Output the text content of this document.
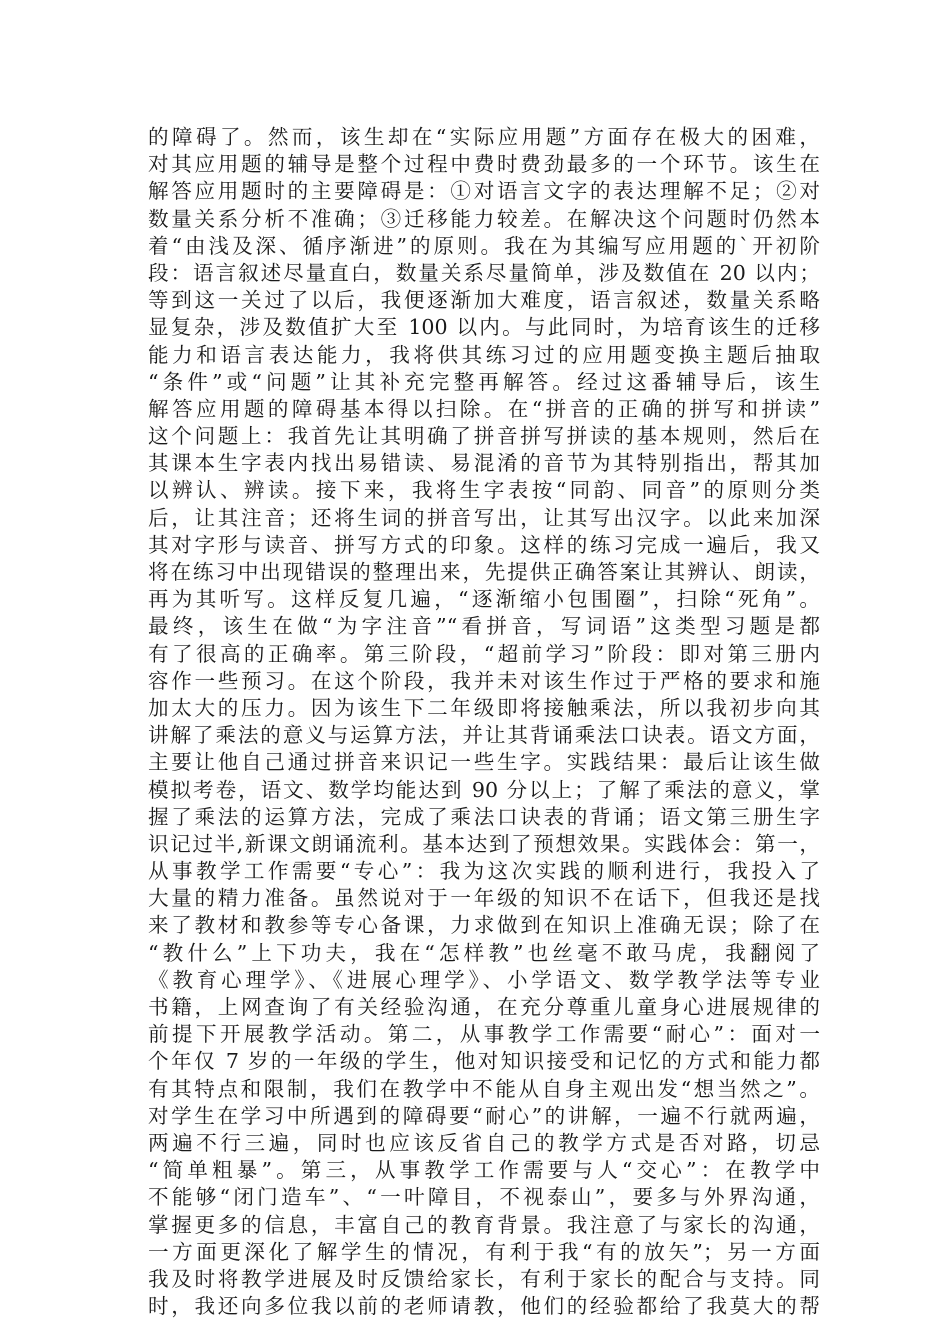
的障碍了。然而，该生却在“实际应用题”方面存在极大的困难，
对其应用题的辅导是整个过程中费时费劲最多的一个环节。该生在
解答应用题时的主要障碍是：①对语言文字的表达理解不足；②对
数量关系分析不准确；③迁移能力较差。在解决这个问题时仍然本
着“由浅及深、循序渐进”的原则。我在为其编写应用题的`开初阶
段：语言叙述尽量直白，数量关系尽量简单，涉及数值在 20 以内；
等到这一关过了以后，我便逐渐加大难度，语言叙述，数量关系略
显复杂，涉及数值扩大至 100 以内。与此同时，为培育该生的迁移
能力和语言表达能力，我将供其练习过的应用题变换主题后抽取
“条件”或“问题”让其补充完整再解答。经过这番辅导后，该生
解答应用题的障碍基本得以扫除。在“拼音的正确的拼写和拼读”
这个问题上：我首先让其明确了拼音拼写拼读的基本规则，然后在
其课本生字表内找出易错读、易混淆的音节为其特别指出，帮其加
以辨认、辨读。接下来，我将生字表按“同韵、同音”的原则分类
后，让其注音；还将生词的拼音写出，让其写出汉字。以此来加深
其对字形与读音、拼写方式的印象。这样的练习完成一遍后，我又
将在练习中出现错误的整理出来，先提供正确答案让其辨认、朗读，
再为其听写。这样反复几遍，“逐渐缩小包围圈”，扫除“死角”。
最终，该生在做“为字注音”“看拼音，写词语”这类型习题是都
有了很高的正确率。第三阶段，“超前学习”阶段：即对第三册内
容作一些预习。在这个阶段，我并未对该生作过于严格的要求和施
加太大的压力。因为该生下二年级即将接触乘法，所以我初步向其
讲解了乘法的意义与运算方法，并让其背诵乘法口诀表。语文方面，
主要让他自己通过拼音来识记一些生字。实践结果：最后让该生做
模拟考卷，语文、数学均能达到 90 分以上；了解了乘法的意义，掌
握了乘法的运算方法，完成了乘法口诀表的背诵；语文第三册生字
识记过半,新课文朗诵流利。基本达到了预想效果。实践体会：第一，
从事教学工作需要“专心”：我为这次实践的顺利进行，我投入了
大量的精力准备。虽然说对于一年级的知识不在话下，但我还是找
来了教材和教参等专心备课，力求做到在知识上准确无误；除了在
“教什么”上下功夫，我在“怎样教”也丝毫不敢马虎，我翻阅了
《教育心理学》、《进展心理学》、小学语文、数学教学法等专业
书籍，上网查询了有关经验沟通，在充分尊重儿童身心进展规律的
前提下开展教学活动。第二，从事教学工作需要“耐心”：面对一
个年仅 7 岁的一年级的学生，他对知识接受和记忆的方式和能力都
有其特点和限制，我们在教学中不能从自身主观出发“想当然之”。
对学生在学习中所遇到的障碍要“耐心”的讲解，一遍不行就两遍，
两遍不行三遍，同时也应该反省自己的教学方式是否对路，切忌
“简单粗暴”。第三，从事教学工作需要与人“交心”：在教学中
不能够“闭门造车”、“一叶障目，不视泰山”，要多与外界沟通，
掌握更多的信息，丰富自己的教育背景。我注意了与家长的沟通，
一方面更深化了解学生的情况，有利于我“有的放矢”；另一方面
我及时将教学进展及时反馈给家长，有利于家长的配合与支持。同
时，我还向多位我以前的老师请教，他们的经验都给了我莫大的帮
